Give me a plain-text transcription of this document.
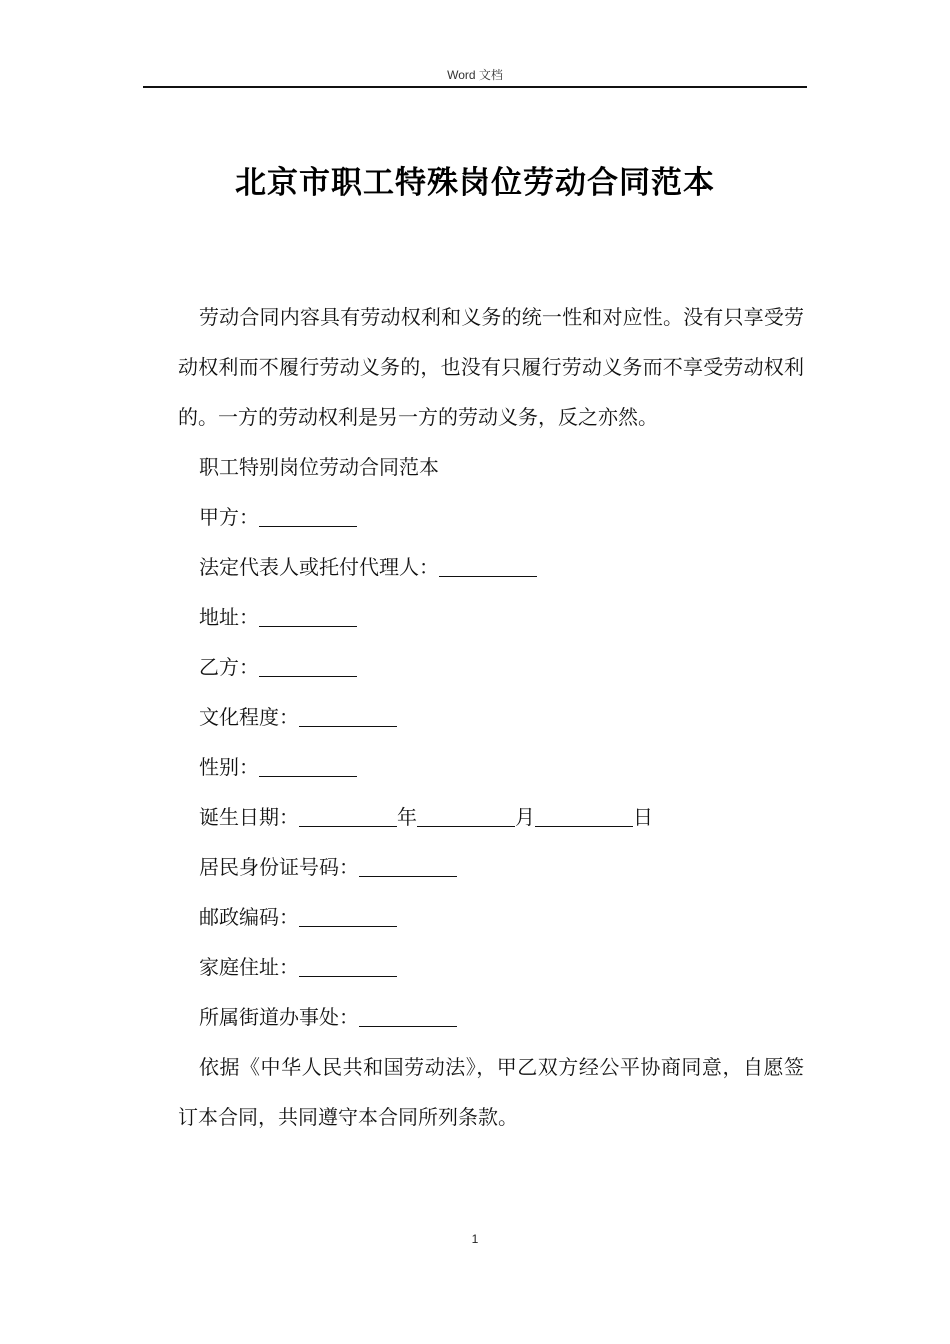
Word 文档
北京市职工特殊岗位劳动合同范本

劳动合同内容具有劳动权利和义务的统一性和对应性。没有只享受劳动权利而不履行劳动义务的，也没有只履行劳动义务而不享受劳动权利的。一方的劳动权利是另一方的劳动义务，反之亦然。

职工特别岗位劳动合同范本

甲方：

法定代表人或托付代理人：

地址：

乙方：

文化程度：

性别：

诞生日期：	年	月	日

居民身份证号码：

邮政编码：

家庭住址：

所属街道办事处：

依据《中华人民共和国劳动法》，甲乙双方经公平协商同意，自愿签订本合同，共同遵守本合同所列条款。

1
